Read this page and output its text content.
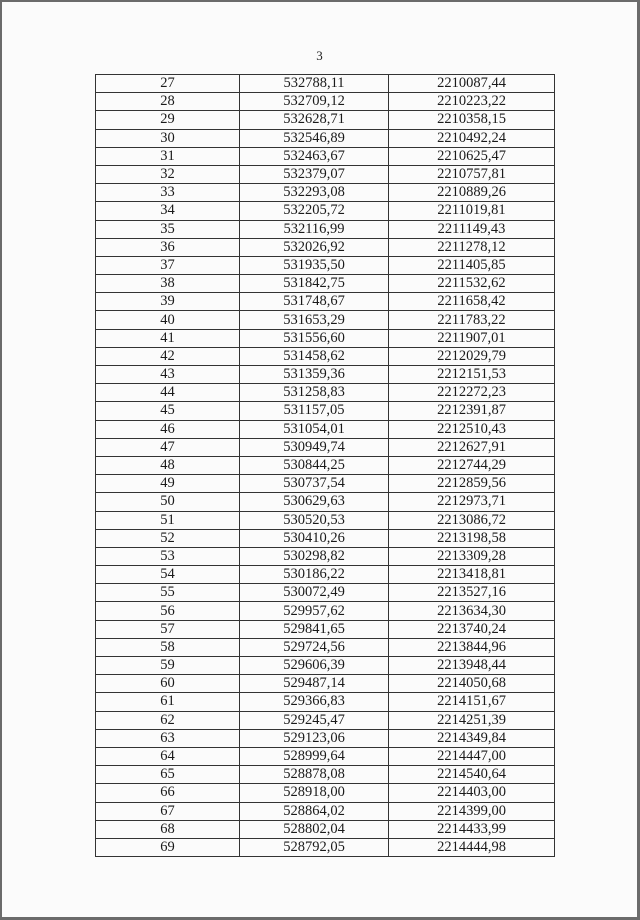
3
27	532788,11	2210087,44
28	532709,12	2210223,22
29	532628,71	2210358,15
30	532546,89	2210492,24
31	532463,67	2210625,47
32	532379,07	2210757,81
33	532293,08	2210889,26
34	532205,72	2211019,81
35	532116,99	2211149,43
36	532026,92	2211278,12
37	531935,50	2211405,85
38	531842,75	2211532,62
39	531748,67	2211658,42
40	531653,29	2211783,22
41	531556,60	2211907,01
42	531458,62	2212029,79
43	531359,36	2212151,53
44	531258,83	2212272,23
45	531157,05	2212391,87
46	531054,01	2212510,43
47	530949,74	2212627,91
48	530844,25	2212744,29
49	530737,54	2212859,56
50	530629,63	2212973,71
51	530520,53	2213086,72
52	530410,26	2213198,58
53	530298,82	2213309,28
54	530186,22	2213418,81
55	530072,49	2213527,16
56	529957,62	2213634,30
57	529841,65	2213740,24
58	529724,56	2213844,96
59	529606,39	2213948,44
60	529487,14	2214050,68
61	529366,83	2214151,67
62	529245,47	2214251,39
63	529123,06	2214349,84
64	528999,64	2214447,00
65	528878,08	2214540,64
66	528918,00	2214403,00
67	528864,02	2214399,00
68	528802,04	2214433,99
69	528792,05	2214444,98
